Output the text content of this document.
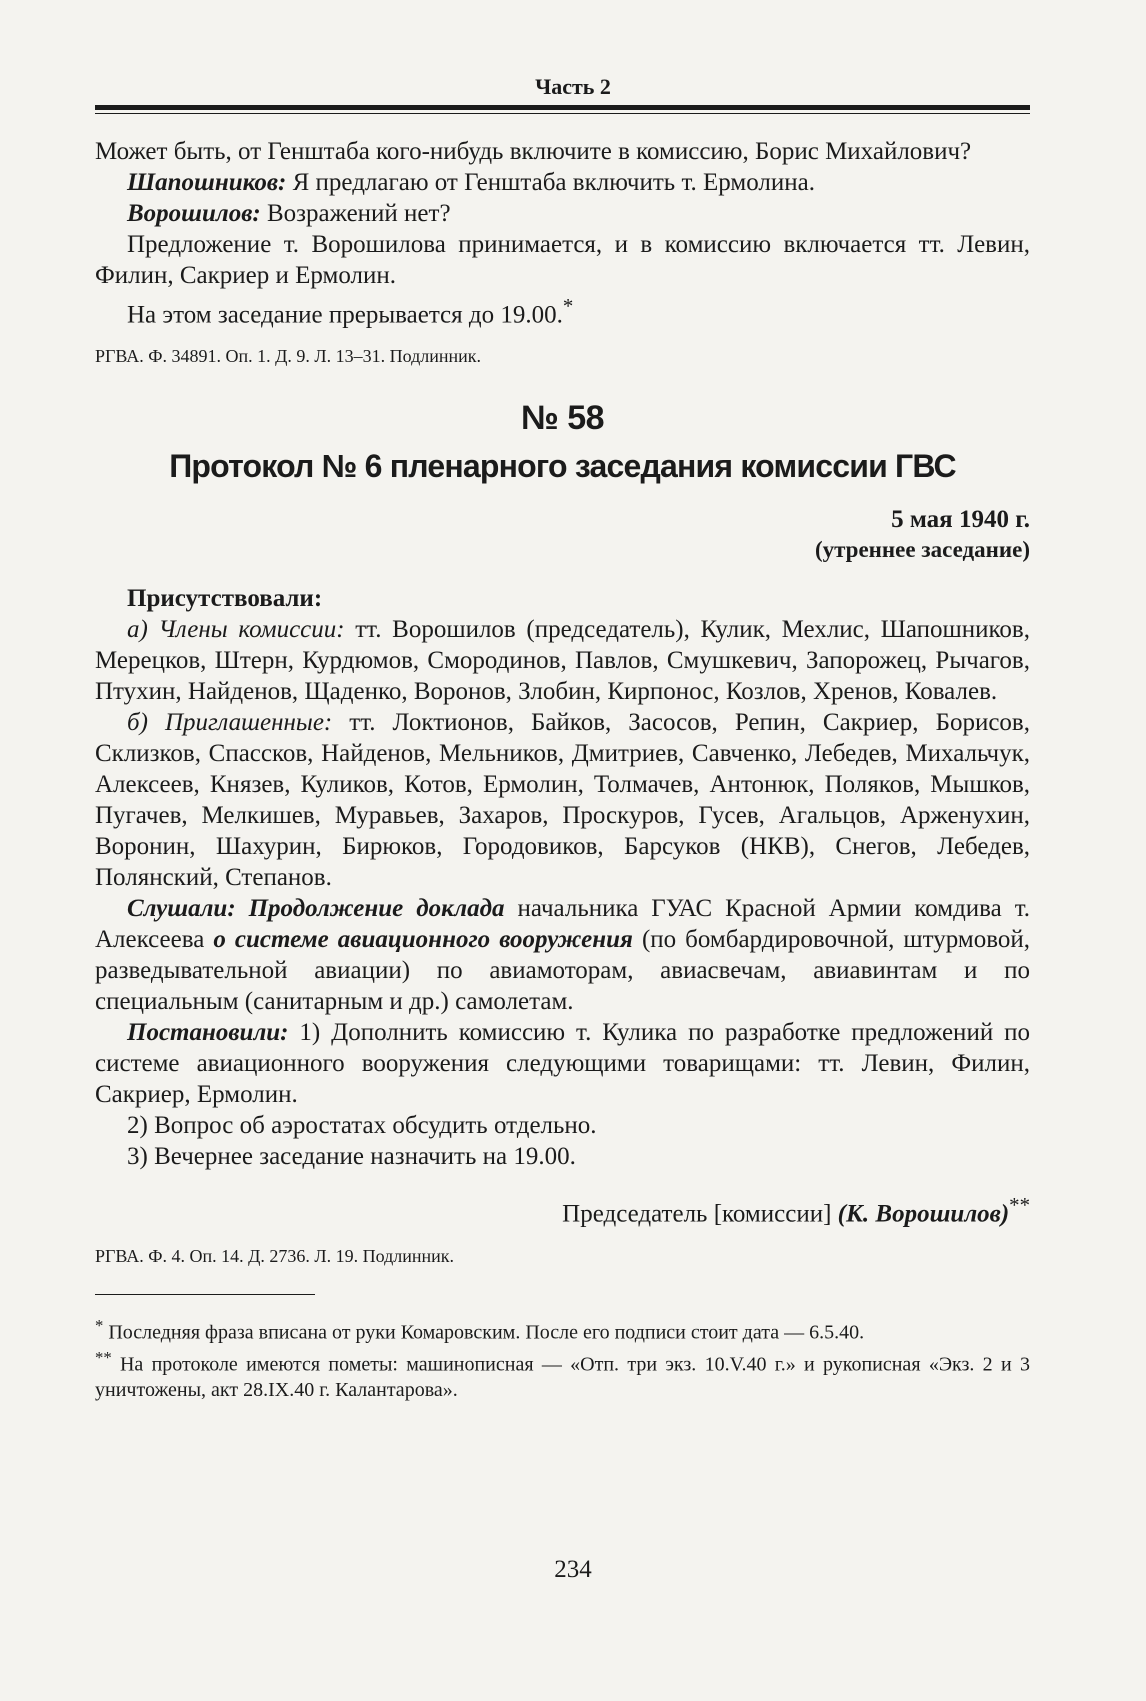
Часть 2

Может быть, от Генштаба кого-нибудь включите в комиссию, Борис Михайлович?

Шапошников: Я предлагаю от Генштаба включить т. Ермолина.

Ворошилов: Возражений нет?

Предложение т. Ворошилова принимается, и в комиссию включается тт. Левин, Филин, Сакриер и Ермолин.

На этом заседание прерывается до 19.00.*

РГВА. Ф. 34891. Оп. 1. Д. 9. Л. 13–31. Подлинник.

№ 58
Протокол № 6 пленарного заседания комиссии ГВС
5 мая 1940 г.
(утреннее заседание)

Присутствовали:

а) Члены комиссии: тт. Ворошилов (председатель), Кулик, Мехлис, Шапошников, Мерецков, Штерн, Курдюмов, Смородинов, Павлов, Смушкевич, Запорожец, Рычагов, Птухин, Найденов, Щаденко, Воронов, Злобин, Кирпонос, Козлов, Хренов, Ковалев.

б) Приглашенные: тт. Локтионов, Байков, Засосов, Репин, Сакриер, Борисов, Склизков, Спассков, Найденов, Мельников, Дмитриев, Савченко, Лебедев, Михальчук, Алексеев, Князев, Куликов, Котов, Ермолин, Толмачев, Антонюк, Поляков, Мышков, Пугачев, Мелкишев, Муравьев, Захаров, Проскуров, Гусев, Агальцов, Арженухин, Воронин, Шахурин, Бирюков, Городовиков, Барсуков (НКВ), Снегов, Лебедев, Полянский, Степанов.

Слушали: Продолжение доклада начальника ГУАС Красной Армии комдива т. Алексеева о системе авиационного вооружения (по бомбардировочной, штурмовой, разведывательной авиации) по авиамоторам, авиасвечам, авиавинтам и по специальным (санитарным и др.) самолетам.

Постановили: 1) Дополнить комиссию т. Кулика по разработке предложений по системе авиационного вооружения следующими товарищами: тт. Левин, Филин, Сакриер, Ермолин.

2) Вопрос об аэростатах обсудить отдельно.

3) Вечернее заседание назначить на 19.00.

Председатель [комиссии] (К. Ворошилов)**

РГВА. Ф. 4. Оп. 14. Д. 2736. Л. 19. Подлинник.

* Последняя фраза вписана от руки Комаровским. После его подписи стоит дата — 6.5.40.

** На протоколе имеются пометы: машинописная — «Отп. три экз. 10.V.40 г.» и рукописная «Экз. 2 и 3 уничтожены, акт 28.IX.40 г. Калантарова».

234
